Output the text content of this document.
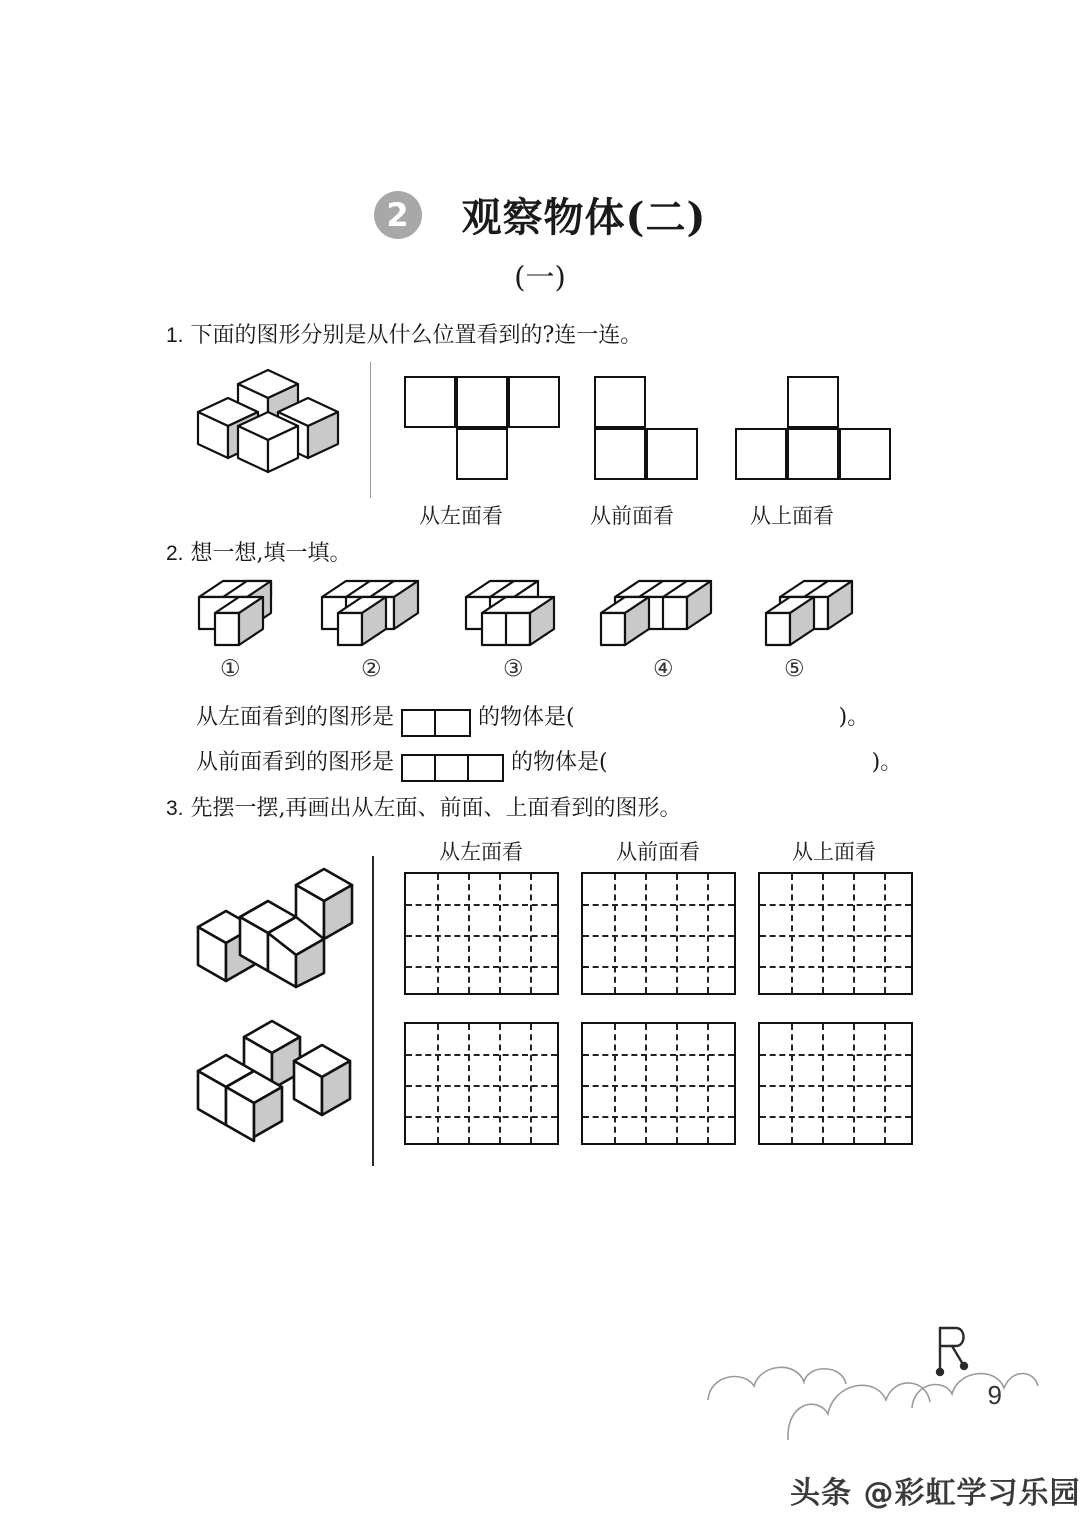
2	观察物体(二)
(一)
1. 下面的图形分别是从什么位置看到的?连一连。
从左面看	从前面看	从上面看
2. 想一想,填一填。
①	②	③	④	⑤
从左面看到的图形是	的物体是(	)。
从前面看到的图形是	的物体是(	)。
3. 先摆一摆,再画出从左面、前面、上面看到的图形。
从左面看	从前面看	从上面看
9
头条 @彩虹学习乐园
